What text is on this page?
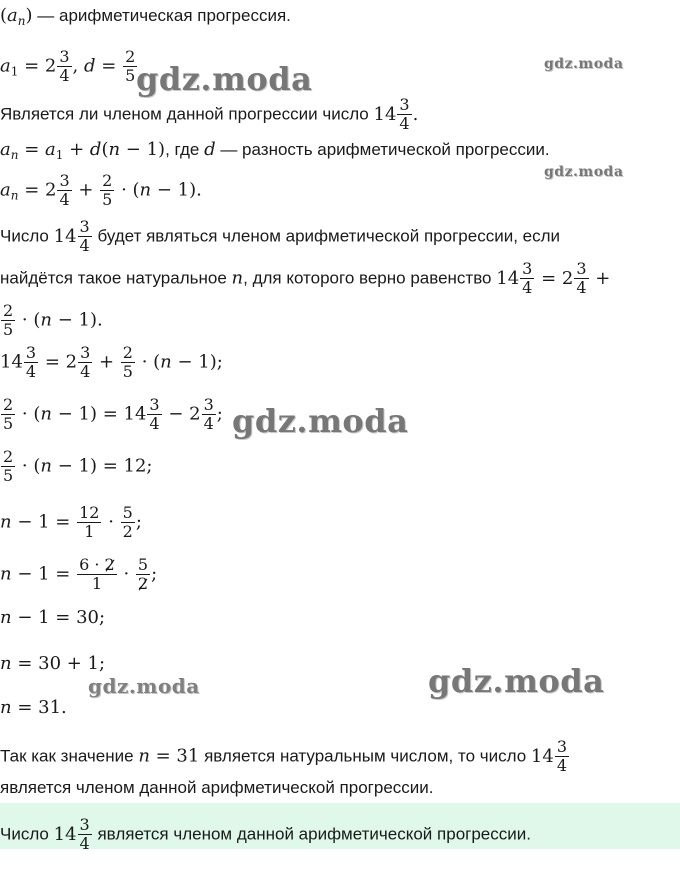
$(a_n)$ — арифметическая прогрессия.
$a_1 = 2 \frac{3}{4}$ , $d = \frac{2}{5}$
Является ли членом данной прогрессии число $14 \frac{3}{4}$ .
$a_n = a_1 + d(n - 1)$, где d — разность арифметической прогрессии.
$a_n = 2 \frac{3}{4} + \frac{2}{5} \cdot (n - 1)$.
Число $14 \frac{3}{4}$ будет являться членом арифметической прогрессии, если
найдётся такое натуральное n, для которого верно равенство $14 \frac{3}{4} = 2 \frac{3}{4}$ +
$\frac{2}{5} \cdot (n - 1)$.
$14 \frac{3}{4} = 2 \frac{3}{4} + \frac{2}{5} \cdot (n - 1)$;
$\frac{2}{5} \cdot (n - 1) = 14 \frac{3}{4} - 2 \frac{3}{4}$ ;
$\frac{2}{5} \cdot (n - 1) = 12$;
$n - 1 = \frac{12}{1} \cdot \frac{5}{2}$ ;
$n - 1 = \frac{6 \cdot 2}{1} \cdot \frac{5}{2}$ ;
n − 1 = 30;
n = 30 + 1;
n = 31.
Так как значение n = 31 является натуральным числом, то число $14 \frac{3}{4}$
является членом данной арифметической прогрессии.
Число $14 \frac{3}{4}$ является членом данной арифметической прогрессии.
gdz.moda	gdz.moda
gdz.moda
gdz.moda
gdz.moda	gdz.moda
